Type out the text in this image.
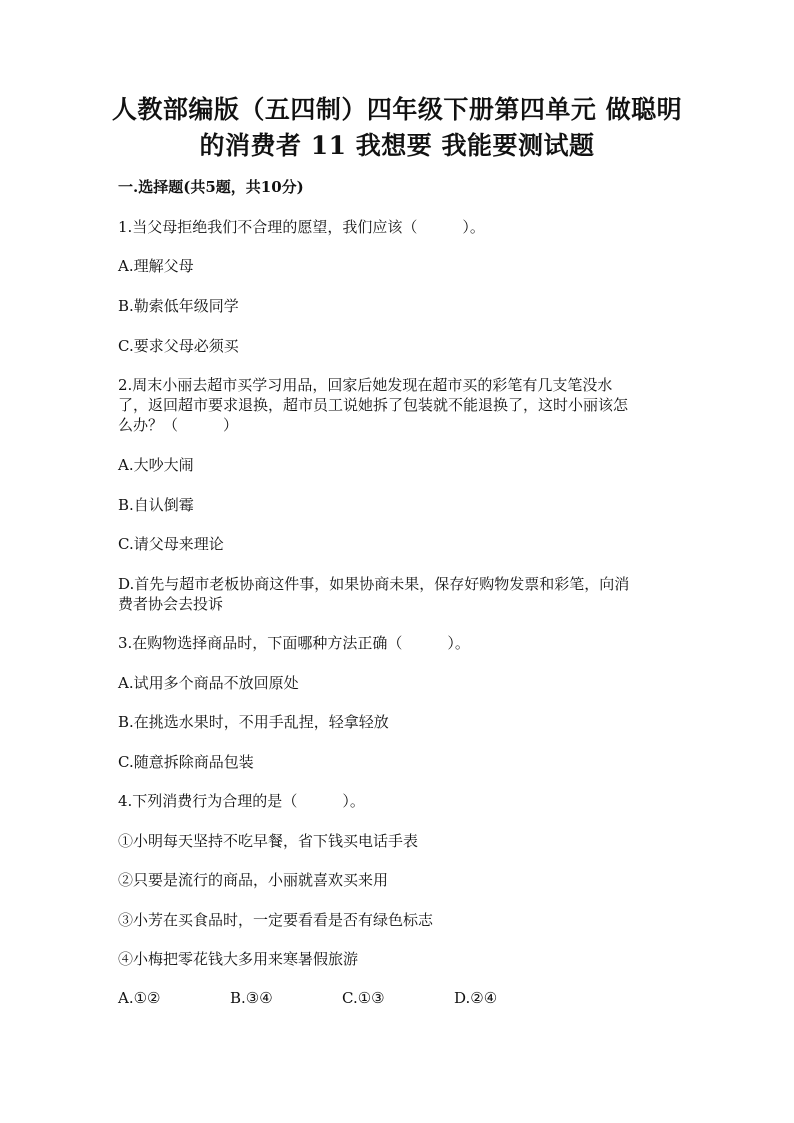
人教部编版（五四制）四年级下册第四单元 做聪明
的消费者 11 我想要 我能要测试题
一.选择题(共5题，共10分)
1.当父母拒绝我们不合理的愿望，我们应该（　　　）。
A.理解父母
B.勒索低年级同学
C.要求父母必须买
2.周末小丽去超市买学习用品，回家后她发现在超市买的彩笔有几支笔没水
了，返回超市要求退换，超市员工说她拆了包装就不能退换了，这时小丽该怎
么办？（　　　）
A.大吵大闹
B.自认倒霉
C.请父母来理论
D.首先与超市老板协商这件事，如果协商未果，保存好购物发票和彩笔，向消
费者协会去投诉
3.在购物选择商品时，下面哪种方法正确（　　　）。
A.试用多个商品不放回原处
B.在挑选水果时，不用手乱捏，轻拿轻放
C.随意拆除商品包装
4.下列消费行为合理的是（　　　）。
①小明每天坚持不吃早餐，省下钱买电话手表
②只要是流行的商品，小丽就喜欢买来用
③小芳在买食品时，一定要看看是否有绿色标志
④小梅把零花钱大多用来寒暑假旅游
A.①②	B.③④	C.①③	D.②④
